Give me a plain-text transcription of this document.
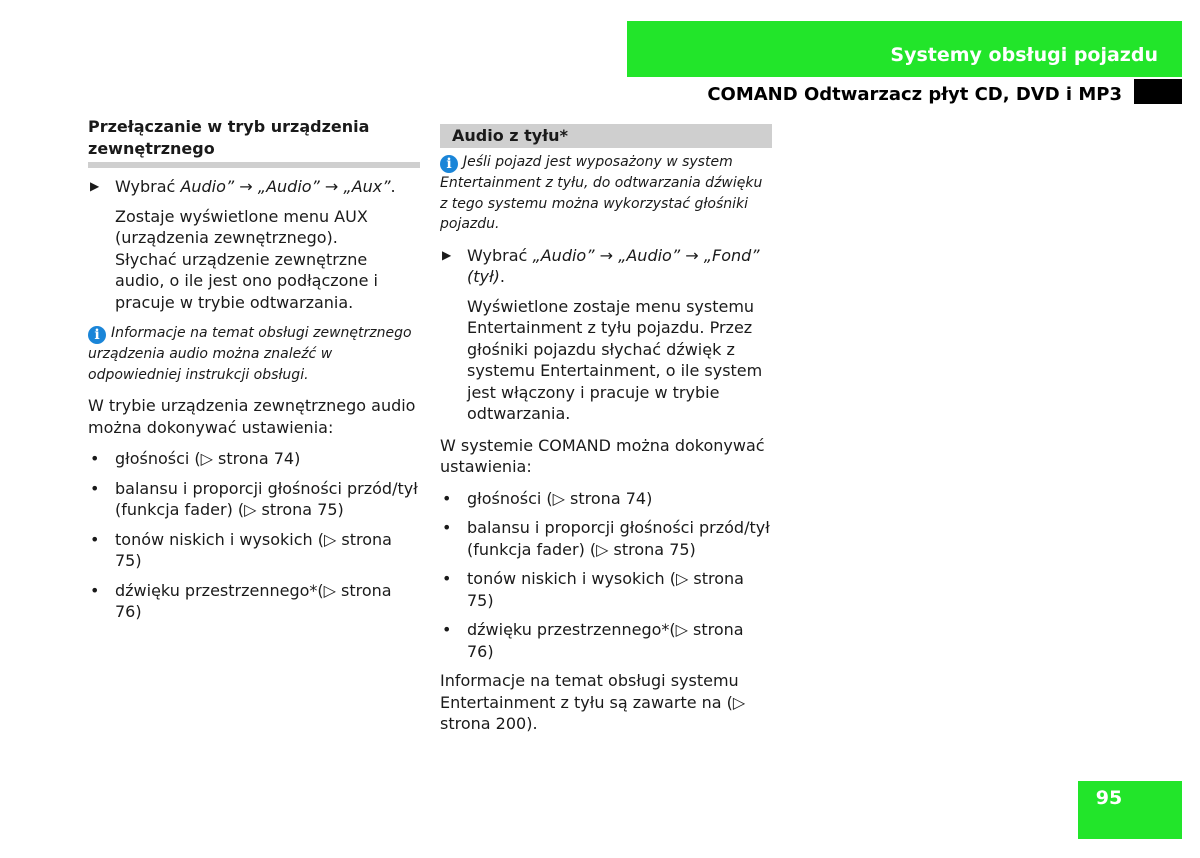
Systemy obsługi pojazdu
COMAND Odtwarzacz płyt CD, DVD i MP3
Przełączanie w tryb urządzenia zewnętrznego
▶ Wybrać Audio” → „Audio” → „Aux”.
Zostaje wyświetlone menu AUX (urządzenia zewnętrznego).
Słychać urządzenie zewnętrzne audio, o ile jest ono podłączone i pracuje w trybie odtwarzania.
i Informacje na temat obsługi zewnętrznego urządzenia audio można znaleźć w odpowiedniej instrukcji obsługi.

W trybie urządzenia zewnętrznego audio można dokonywać ustawienia:

• głośności (▷ strona 74)
• balansu i proporcji głośności przód/tył (funkcja fader) (▷ strona 75)
• tonów niskich i wysokich (▷ strona 75)
• dźwięku przestrzennego*(▷ strona 76)
Audio z tyłu*
i Jeśli pojazd jest wyposażony w system Entertainment z tyłu, do odtwarzania dźwięku z tego systemu można wykorzystać głośniki pojazdu.
▶ Wybrać „Audio” → „Audio” → „Fond” (tył).
Wyświetlone zostaje menu systemu Entertainment z tyłu pojazdu. Przez głośniki pojazdu słychać dźwięk z systemu Entertainment, o ile system jest włączony i pracuje w trybie odtwarzania.

W systemie COMAND można dokonywać ustawienia:

• głośności (▷ strona 74)
• balansu i proporcji głośności przód/tył (funkcja fader) (▷ strona 75)
• tonów niskich i wysokich (▷ strona 75)
• dźwięku przestrzennego*(▷ strona 76)

Informacje na temat obsługi systemu Entertainment z tyłu są zawarte na (▷ strona 200).

95
